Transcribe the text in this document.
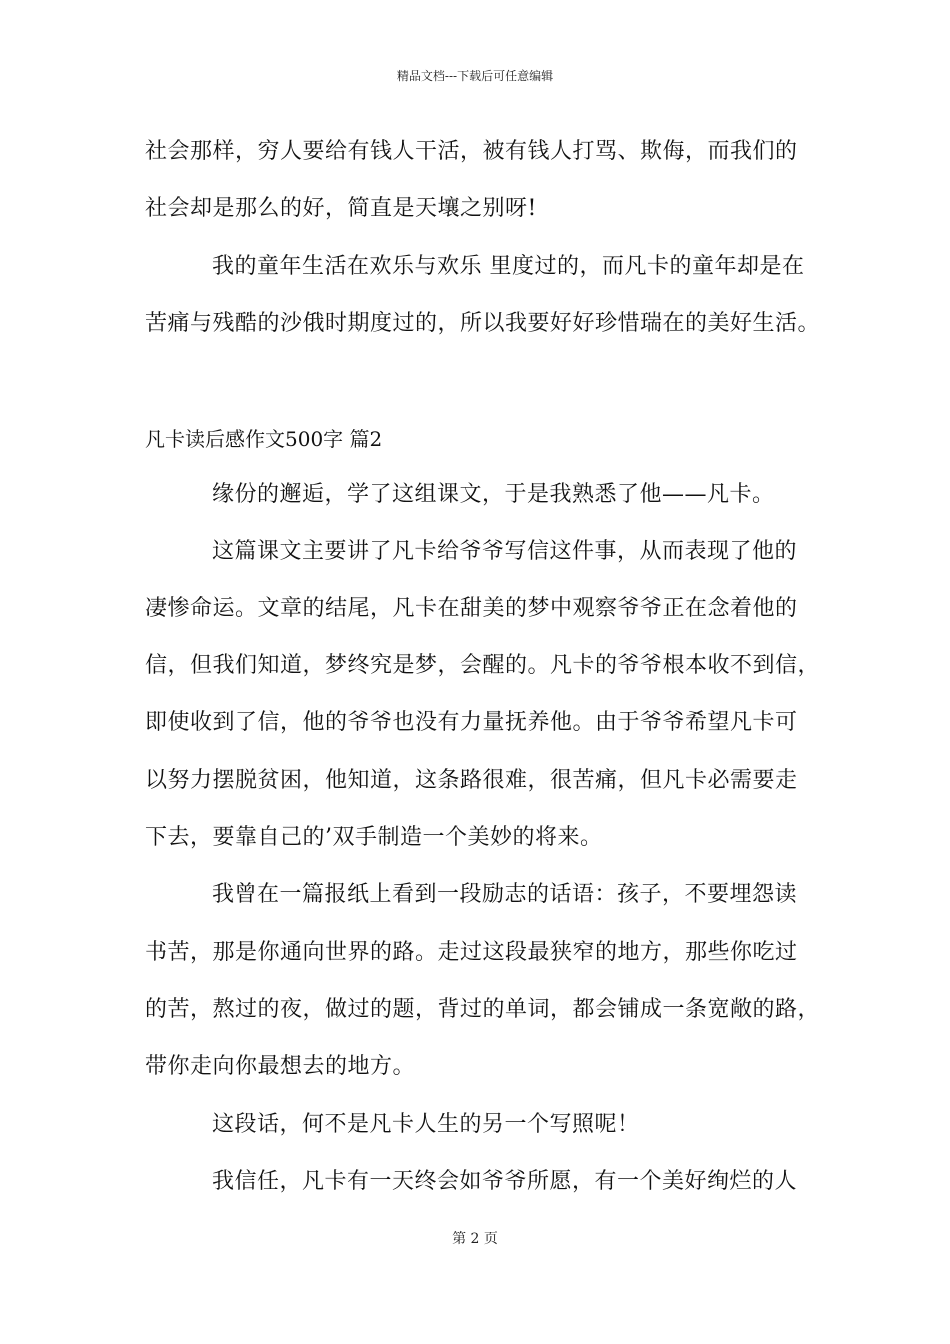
精品文档---下载后可任意编辑
社会那样，穷人要给有钱人干活，被有钱人打骂、欺侮，而我们的
社会却是那么的好，简直是天壤之别呀!
我的童年生活在欢乐与欢乐 里度过的，而凡卡的童年却是在
苦痛与残酷的沙俄时期度过的，所以我要好好珍惜瑞在的美好生活。
凡卡读后感作文500字 篇2
缘份的邂逅，学了这组课文，于是我熟悉了他——凡卡。
这篇课文主要讲了凡卡给爷爷写信这件事，从而表现了他的
凄惨命运。文章的结尾，凡卡在甜美的梦中观察爷爷正在念着他的
信，但我们知道，梦终究是梦，会醒的。凡卡的爷爷根本收不到信，
即使收到了信，他的爷爷也没有力量抚养他。由于爷爷希望凡卡可
以努力摆脱贫困，他知道，这条路很难，很苦痛，但凡卡必需要走
下去，要靠自己的’双手制造一个美妙的将来。
我曾在一篇报纸上看到一段励志的话语：孩子，不要埋怨读
书苦，那是你通向世界的路。走过这段最狭窄的地方，那些你吃过
的苦，熬过的夜，做过的题，背过的单词，都会铺成一条宽敞的路，
带你走向你最想去的地方。
这段话，何不是凡卡人生的另一个写照呢！
我信任，凡卡有一天终会如爷爷所愿，有一个美好绚烂的人
第 2 页
